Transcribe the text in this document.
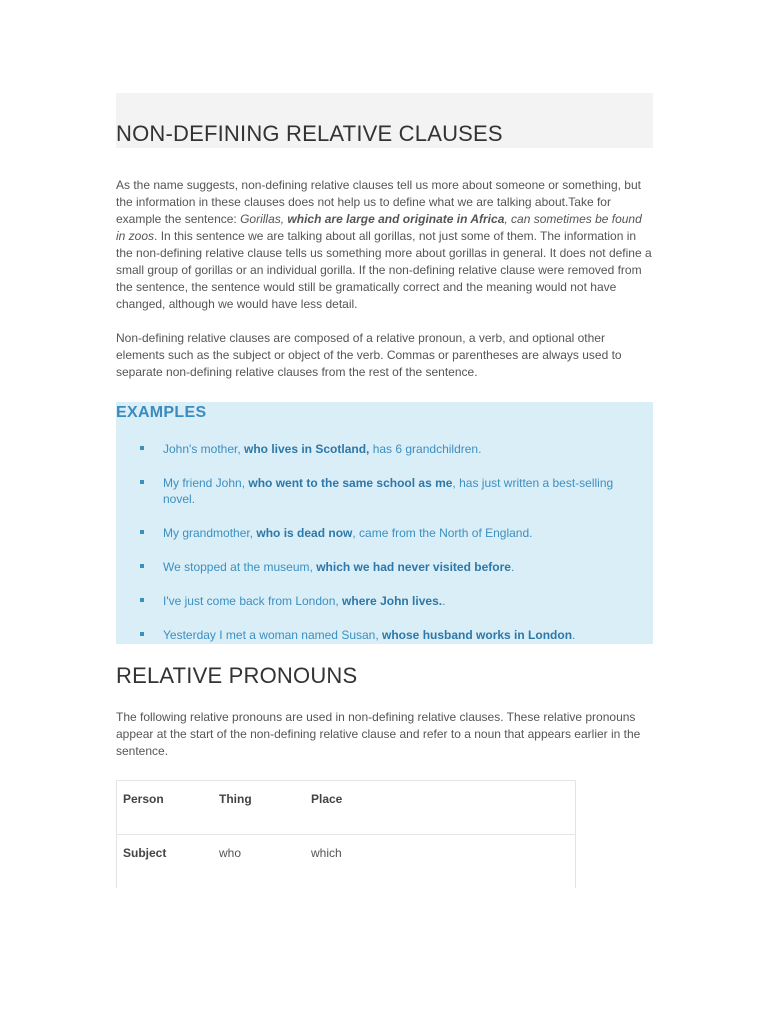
NON-DEFINING RELATIVE CLAUSES

As the name suggests, non-defining relative clauses tell us more about someone or something, but the information in these clauses does not help us to define what we are talking about.Take for example the sentence: Gorillas, which are large and originate in Africa, can sometimes be found in zoos. In this sentence we are talking about all gorillas, not just some of them. The information in the non-defining relative clause tells us something more about gorillas in general. It does not define a small group of gorillas or an individual gorilla. If the non-defining relative clause were removed from the sentence, the sentence would still be gramatically correct and the meaning would not have changed, although we would have less detail.

Non-defining relative clauses are composed of a relative pronoun, a verb, and optional other elements such as the subject or object of the verb. Commas or parentheses are always used to separate non-defining relative clauses from the rest of the sentence.

EXAMPLES
John's mother, who lives in Scotland, has 6 grandchildren.
My friend John, who went to the same school as me, has just written a best-selling novel.
My grandmother, who is dead now, came from the North of England.
We stopped at the museum, which we had never visited before.
I've just come back from London, where John lives..
Yesterday I met a woman named Susan, whose husband works in London.
RELATIVE PRONOUNS

The following relative pronouns are used in non-defining relative clauses. These relative pronouns appear at the start of the non-defining relative clause and refer to a noun that appears earlier in the sentence.

Person	Thing	Place
Subject	who	which
